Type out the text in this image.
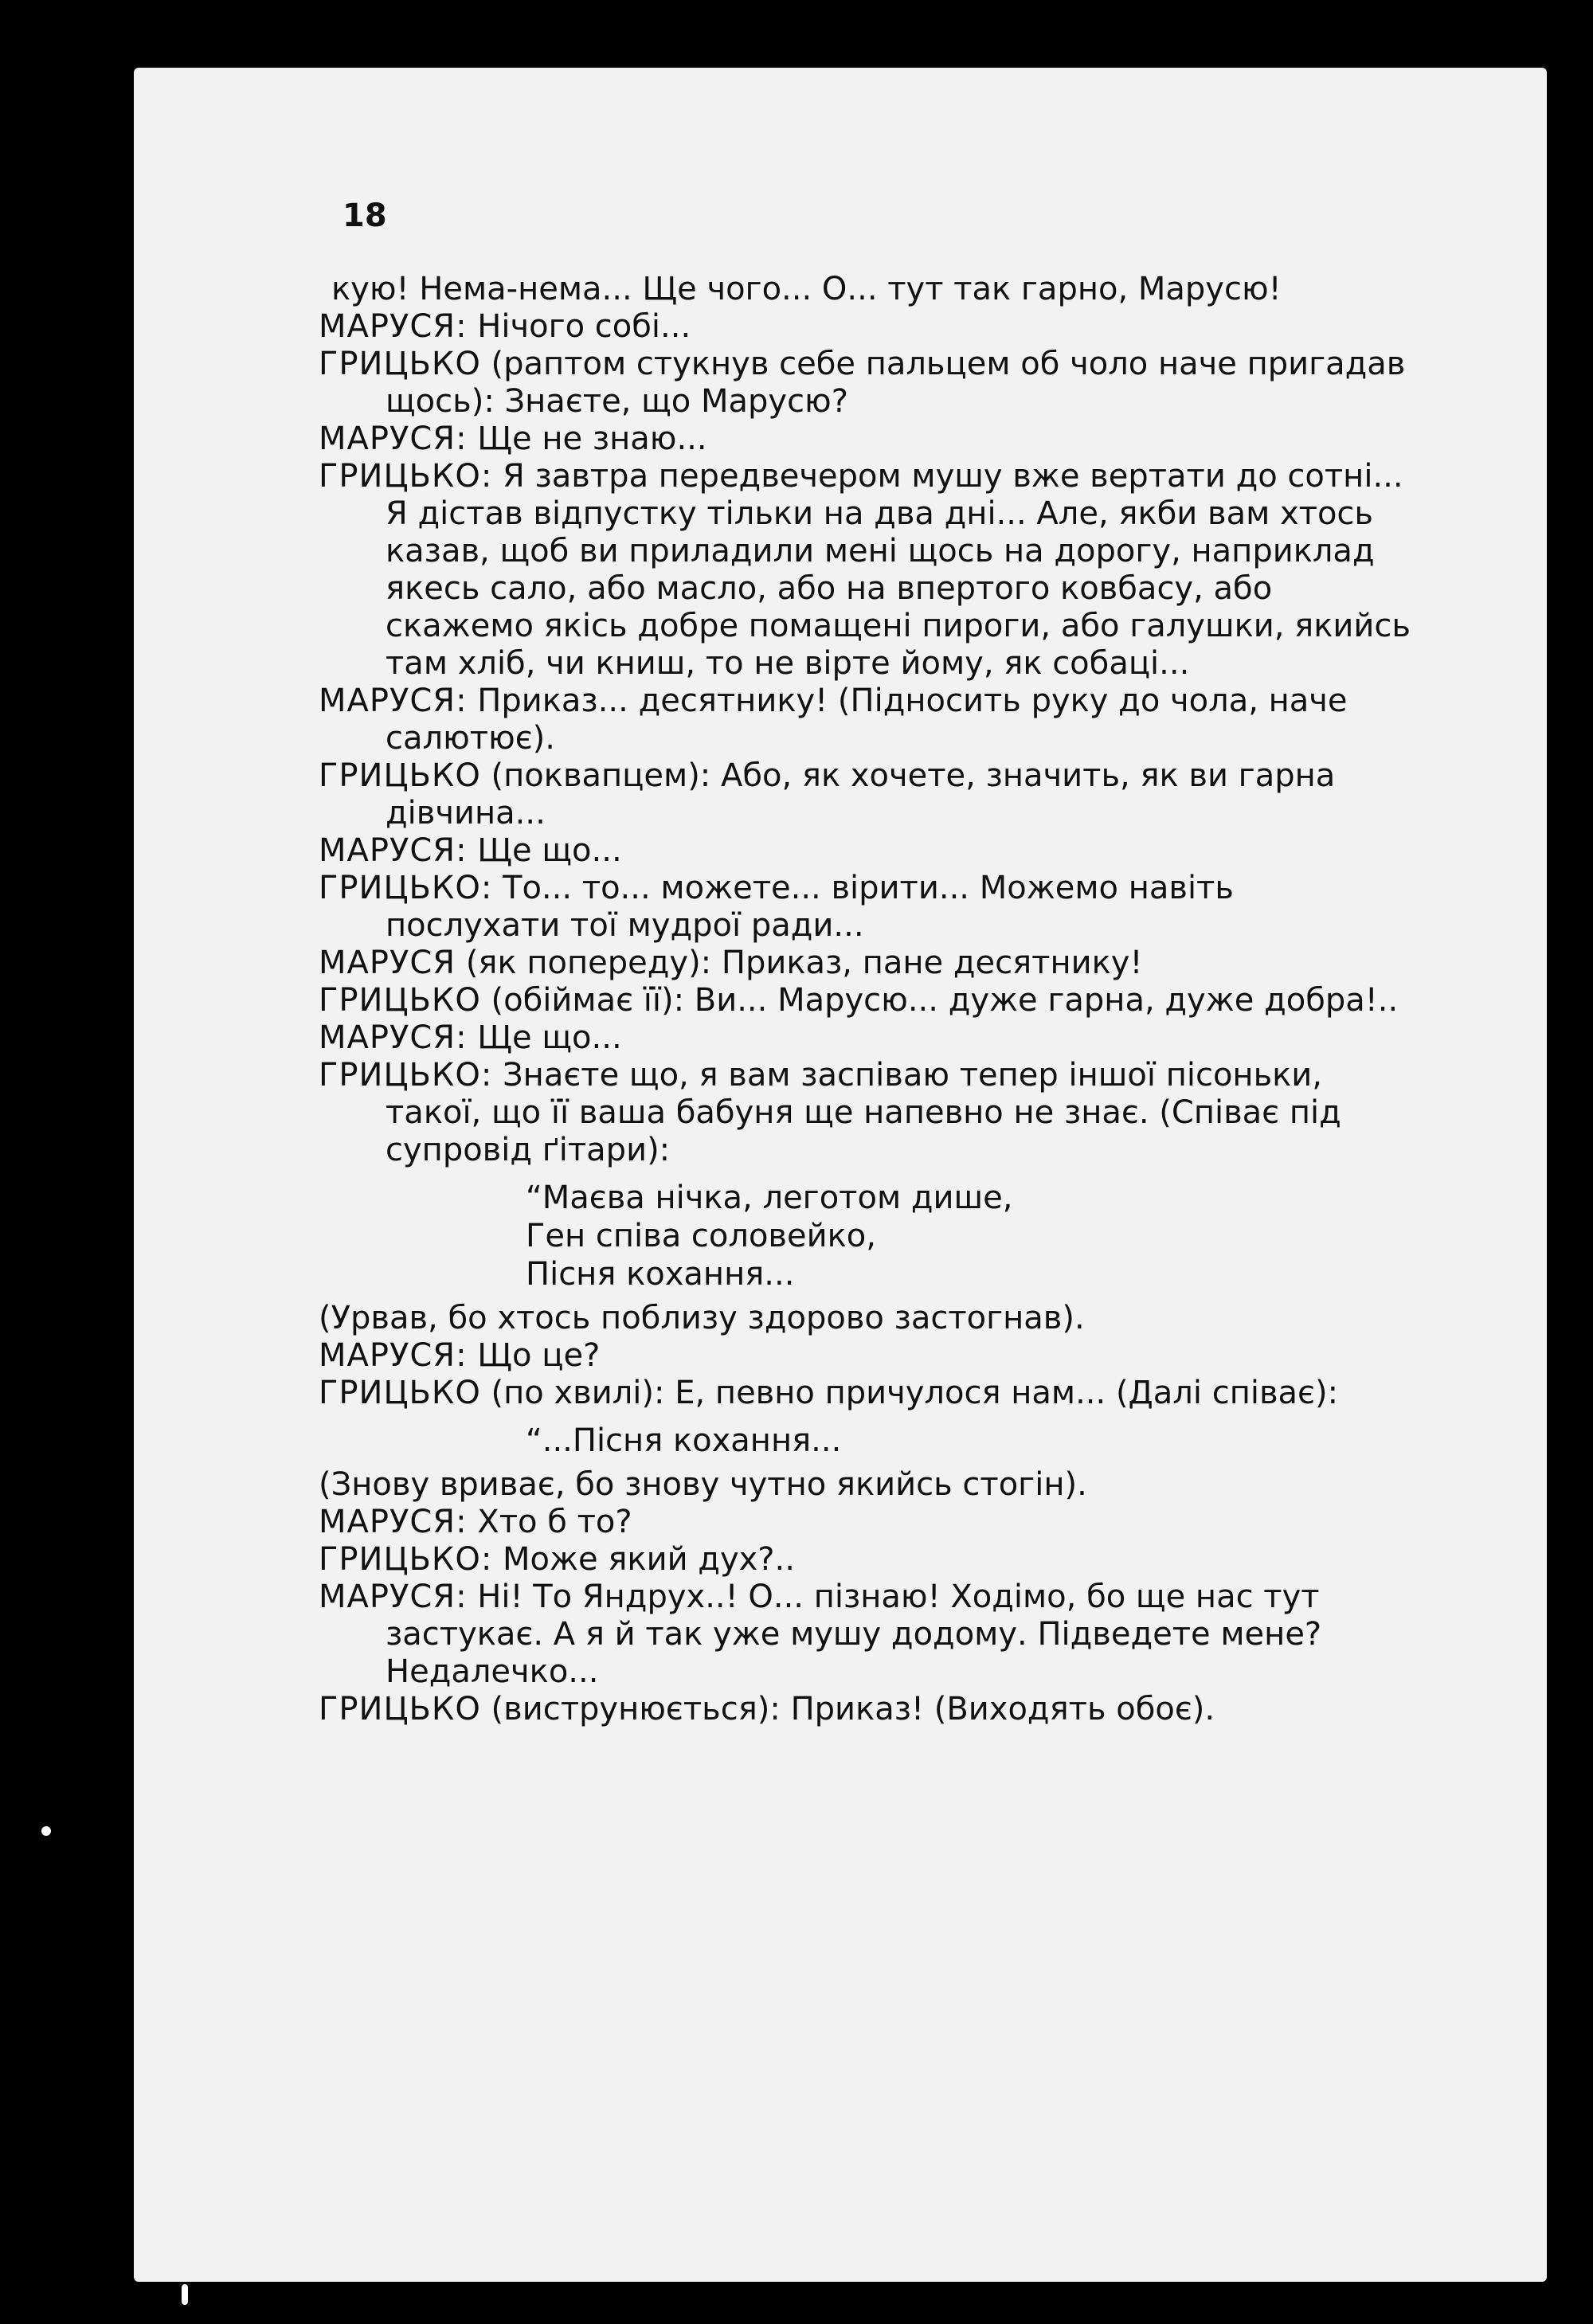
18

кую! Нема-нема... Ще чого... О... тут так гарно, Марусю!

МАРУСЯ: Нічого собі...

ГРИЦЬКО (раптом стукнув себе пальцем об чоло наче пригадав щось): Знаєте, що Марусю?

МАРУСЯ: Ще не знаю...

ГРИЦЬКО: Я завтра передвечером мушу вже вертати до сотні... Я дістав відпустку тільки на два дні... Але, якби вам хтось казав, щоб ви приладили мені щось на дорогу, наприклад якесь сало, або масло, або на впертого ковбасу, або скажемо якісь добре помащені пироги, або галушки, якийсь там хліб, чи книш, то не вірте йому, як собаці...

МАРУСЯ: Приказ... десятнику! (Підносить руку до чола, наче салютює).

ГРИЦЬКО (поквапцем): Або, як хочете, значить, як ви гарна дівчина...

МАРУСЯ: Ще що...

ГРИЦЬКО: То... то... можете... вірити... Можемо навіть послухати тої мудрої ради...

МАРУСЯ (як попереду): Приказ, пане десятнику!

ГРИЦЬКО (обіймає її): Ви... Марусю... дуже гарна, дуже добра!..

МАРУСЯ: Ще що...

ГРИЦЬКО: Знаєте що, я вам заспіваю тепер іншої пісоньки, такої, що її ваша бабуня ще напевно не знає. (Співає під супровід ґітари):

“Маєва нічка, леготом дише,
Ген співа соловейко,
Пісня кохання...

(Урвав, бо хтось поблизу здорово застогнав).

МАРУСЯ: Що це?

ГРИЦЬКО (по хвилі): Е, певно причулося нам... (Далі співає):

“...Пісня кохання...

(Знову вриває, бо знову чутно якийсь стогін).

МАРУСЯ: Хто б то?

ГРИЦЬКО: Може який дух?..

МАРУСЯ: Ні! То Яндрух..! О... пізнаю! Ходімо, бо ще нас тут застукає. А я й так уже мушу додому. Підведете мене? Недалечко...

ГРИЦЬКО (виструнюється): Приказ! (Виходять обоє).
